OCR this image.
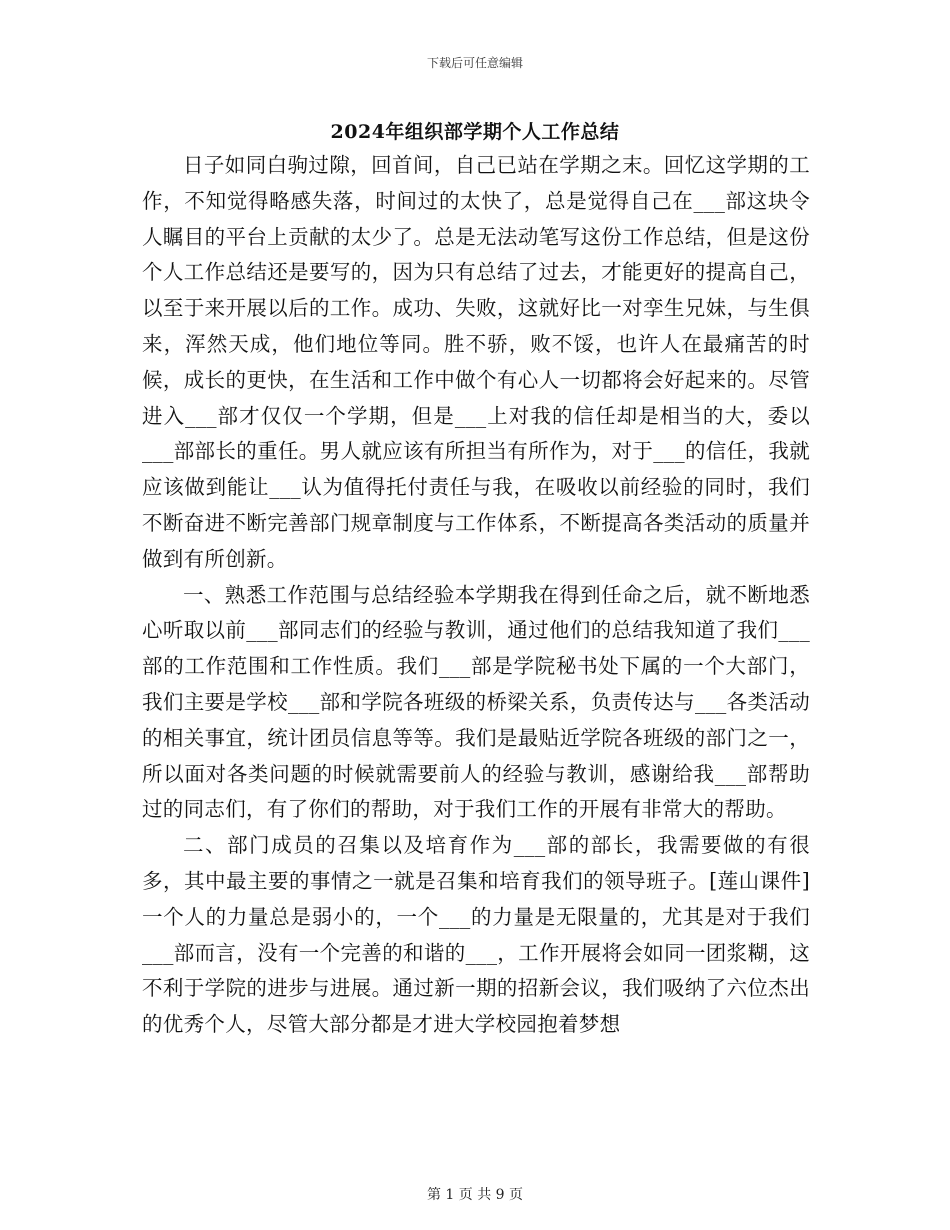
下载后可任意编辑
2024年组织部学期个人工作总结

日子如同白驹过隙，回首间，自己已站在学期之末。回忆这学期的工作，不知觉得略感失落，时间过的太快了，总是觉得自己在___部这块令人瞩目的平台上贡献的太少了。总是无法动笔写这份工作总结，但是这份个人工作总结还是要写的，因为只有总结了过去，才能更好的提高自己，以至于来开展以后的工作。成功、失败，这就好比一对孪生兄妹，与生俱来，浑然天成，他们地位等同。胜不骄，败不馁，也许人在最痛苦的时候，成长的更快，在生活和工作中做个有心人一切都将会好起来的。尽管进入___部才仅仅一个学期，但是___上对我的信任却是相当的大，委以___部部长的重任。男人就应该有所担当有所作为，对于___的信任，我就应该做到能让___认为值得托付责任与我，在吸收以前经验的同时，我们不断奋进不断完善部门规章制度与工作体系，不断提高各类活动的质量并做到有所创新。

一、熟悉工作范围与总结经验本学期我在得到任命之后，就不断地悉心听取以前___部同志们的经验与教训，通过他们的总结我知道了我们___部的工作范围和工作性质。我们___部是学院秘书处下属的一个大部门，我们主要是学校___部和学院各班级的桥梁关系，负责传达与___各类活动的相关事宜，统计团员信息等等。我们是最贴近学院各班级的部门之一，所以面对各类问题的时候就需要前人的经验与教训，感谢给我___部帮助过的同志们，有了你们的帮助，对于我们工作的开展有非常大的帮助。

二、部门成员的召集以及培育作为___部的部长，我需要做的有很多，其中最主要的事情之一就是召集和培育我们的领导班子。[莲山课件]一个人的力量总是弱小的，一个___的力量是无限量的，尤其是对于我们___部而言，没有一个完善的和谐的___，工作开展将会如同一团浆糊，这不利于学院的进步与进展。通过新一期的招新会议，我们吸纳了六位杰出的优秀个人，尽管大部分都是才进大学校园抱着梦想

第 1 页 共 9 页
